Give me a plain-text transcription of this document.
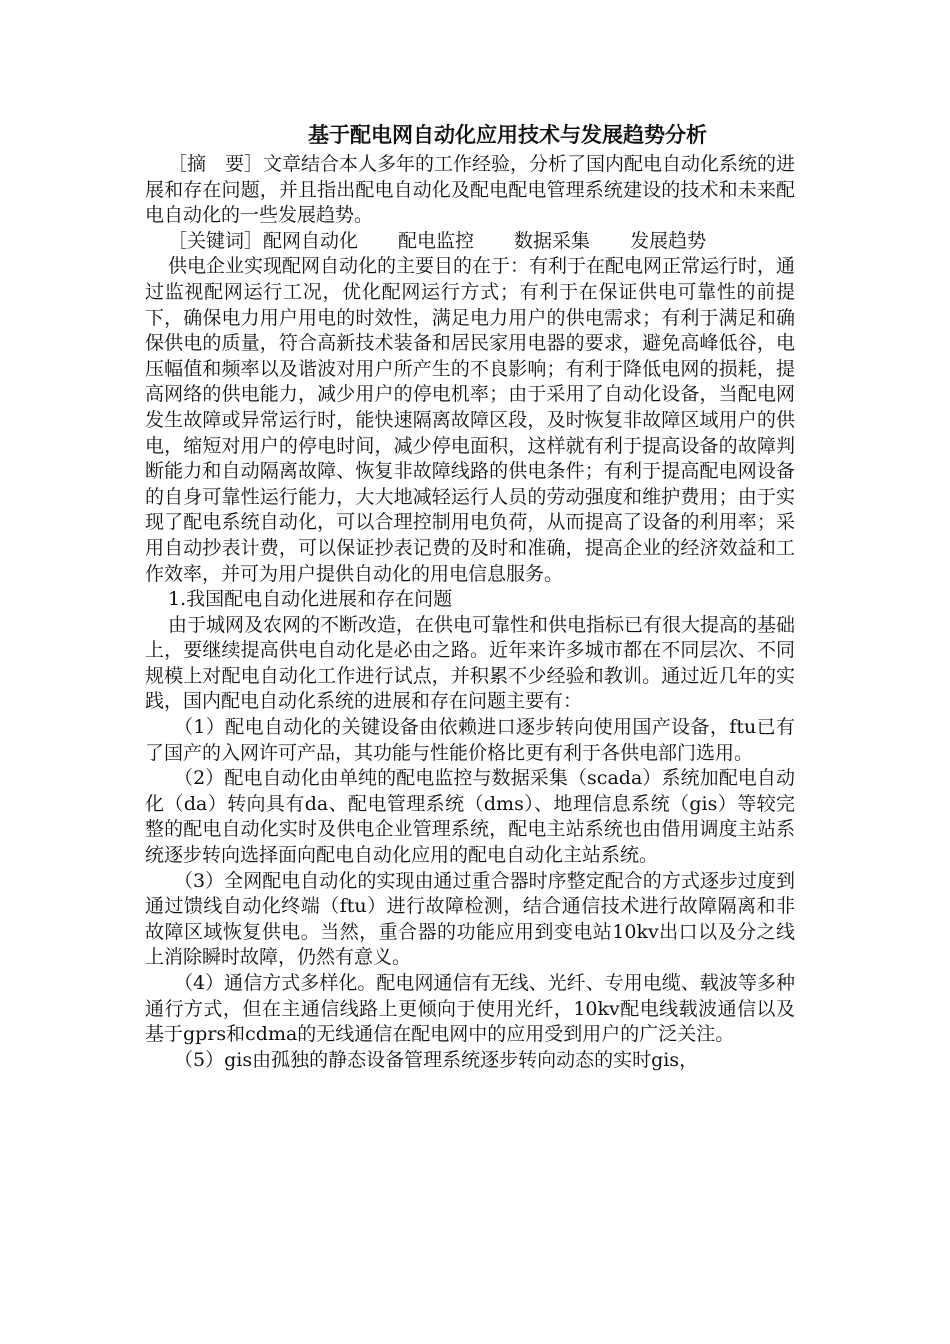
基于配电网自动化应用技术与发展趋势分析

［摘　要］文章结合本人多年的工作经验，分析了国内配电自动化系统的进展和存在问题，并且指出配电自动化及配电配电管理系统建设的技术和未来配电自动化的一些发展趋势。

［关键词］配网自动化 配电监控 数据采集 发展趋势

供电企业实现配网自动化的主要目的在于：有利于在配电网正常运行时，通过监视配网运行工况，优化配网运行方式；有利于在保证供电可靠性的前提下，确保电力用户用电的时效性，满足电力用户的供电需求；有利于满足和确保供电的质量，符合高新技术装备和居民家用电器的要求，避免高峰低谷，电压幅值和频率以及谐波对用户所产生的不良影响；有利于降低电网的损耗，提高网络的供电能力，减少用户的停电机率；由于采用了自动化设备，当配电网发生故障或异常运行时，能快速隔离故障区段，及时恢复非故障区域用户的供电，缩短对用户的停电时间，减少停电面积，这样就有利于提高设备的故障判断能力和自动隔离故障、恢复非故障线路的供电条件；有利于提高配电网设备的自身可靠性运行能力，大大地减轻运行人员的劳动强度和维护费用；由于实现了配电系统自动化，可以合理控制用电负荷，从而提高了设备的利用率；采用自动抄表计费，可以保证抄表记费的及时和准确，提高企业的经济效益和工作效率，并可为用户提供自动化的用电信息服务。

1.我国配电自动化进展和存在问题

由于城网及农网的不断改造，在供电可靠性和供电指标已有很大提高的基础上，要继续提高供电自动化是必由之路。近年来许多城市都在不同层次、不同规模上对配电自动化工作进行试点，并积累不少经验和教训。通过近几年的实践，国内配电自动化系统的进展和存在问题主要有：

（1）配电自动化的关键设备由依赖进口逐步转向使用国产设备，ftu已有了国产的入网许可产品，其功能与性能价格比更有利于各供电部门选用。

（2）配电自动化由单纯的配电监控与数据采集（scada）系统加配电自动化（da）转向具有da、配电管理系统（dms）、地理信息系统（gis）等较完整的配电自动化实时及供电企业管理系统，配电主站系统也由借用调度主站系统逐步转向选择面向配电自动化应用的配电自动化主站系统。

（3）全网配电自动化的实现由通过重合器时序整定配合的方式逐步过度到通过馈线自动化终端（ftu）进行故障检测，结合通信技术进行故障隔离和非故障区域恢复供电。当然，重合器的功能应用到变电站10kv出口以及分之线上消除瞬时故障，仍然有意义。

（4）通信方式多样化。配电网通信有无线、光纤、专用电缆、载波等多种通行方式，但在主通信线路上更倾向于使用光纤，10kv配电线载波通信以及基于gprs和cdma的无线通信在配电网中的应用受到用户的广泛关注。

（5）gis由孤独的静态设备管理系统逐步转向动态的实时gis，
